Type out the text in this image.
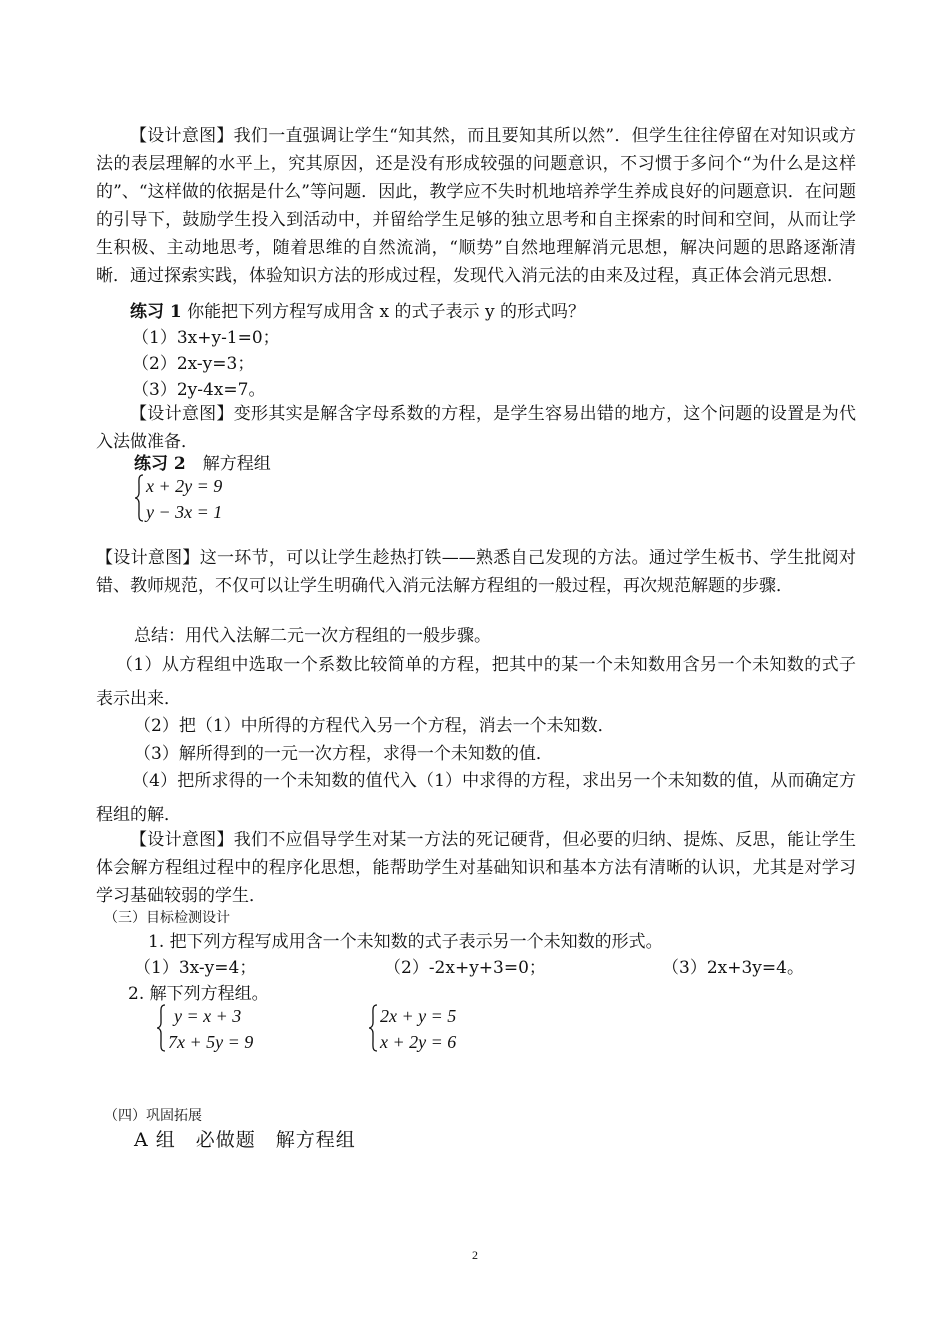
【设计意图】我们一直强调让学生“知其然，而且要知其所以然”．但学生往往停留在对知识或方法的表层理解的水平上，究其原因，还是没有形成较强的问题意识，不习惯于多问个“为什么是这样的”、“这样做的依据是什么”等问题．因此，教学应不失时机地培养学生养成良好的问题意识．在问题的引导下，鼓励学生投入到活动中，并留给学生足够的独立思考和自主探索的时间和空间，从而让学生积极、主动地思考，随着思维的自然流淌，“顺势”自然地理解消元思想，解决问题的思路逐渐清晰．通过探索实践，体验知识方法的形成过程，发现代入消元法的由来及过程，真正体会消元思想．

练习 1 你能把下列方程写成用含 x 的式子表示 y 的形式吗？

（1）3x+y-1=0；

（2）2x-y=3；

（3）2y-4x=7。

【设计意图】变形其实是解含字母系数的方程，是学生容易出错的地方，这个问题的设置是为代入法做准备．

练习 2　 解方程组

x + 2y = 9
y − 3x = 1

【设计意图】这一环节，可以让学生趁热打铁——熟悉自己发现的方法。通过学生板书、学生批阅对错、教师规范，不仅可以让学生明确代入消元法解方程组的一般过程，再次规范解题的步骤．

总结：用代入法解二元一次方程组的一般步骤。

（1）从方程组中选取一个系数比较简单的方程，把其中的某一个未知数用含另一个未知数的式子表示出来．

（2）把（1）中所得的方程代入另一个方程，消去一个未知数．

（3）解所得到的一元一次方程，求得一个未知数的值．

（4）把所求得的一个未知数的值代入（1）中求得的方程，求出另一个未知数的值，从而确定方程组的解．

【设计意图】我们不应倡导学生对某一方法的死记硬背，但必要的归纳、提炼、反思，能让学生体会解方程组过程中的程序化思想，能帮助学生对基础知识和基本方法有清晰的认识，尤其是对学习学习基础较弱的学生．

（三）目标检测设计

1. 把下列方程写成用含一个未知数的式子表示另一个未知数的形式。

（1）3x-y=4；	（2）-2x+y+3=0；	（3）2x+3y=4。

2. 解下列方程组。

y = x + 3
7x + 5y = 9
2x + y = 5
x + 2y = 6

（四）巩固拓展

A 组　必做题　解方程组

2
